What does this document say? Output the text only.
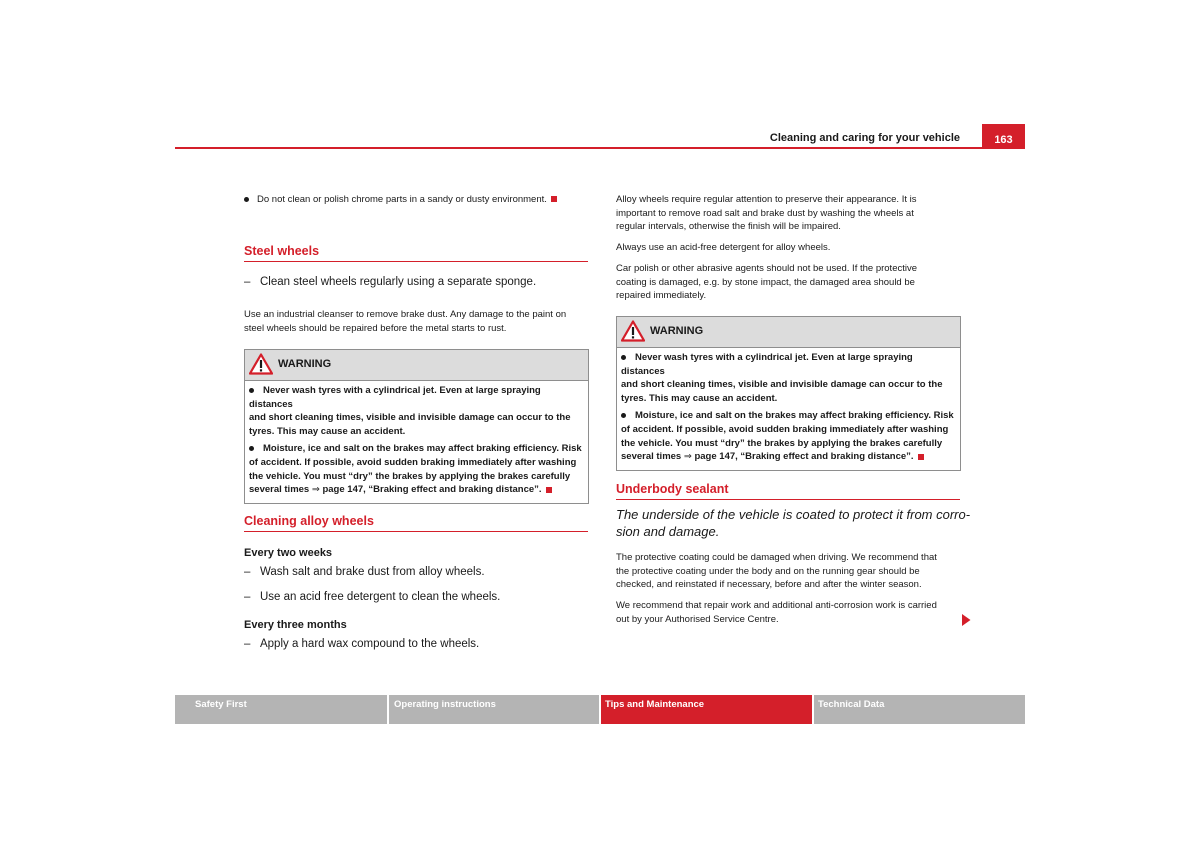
Cleaning and caring for your vehicle	163
Do not clean or polish chrome parts in a sandy or dusty environment.
Steel wheels
–   Clean steel wheels regularly using a separate sponge.
Use an industrial cleanser to remove brake dust. Any damage to the paint on
steel wheels should be repaired before the metal starts to rust.
WARNING

Never wash tyres with a cylindrical jet. Even at large spraying distances
and short cleaning times, visible and invisible damage can occur to the
tyres. This may cause an accident.

Moisture, ice and salt on the brakes may affect braking efficiency. Risk
of accident. If possible, avoid sudden braking immediately after washing
the vehicle. You must “dry” the brakes by applying the brakes carefully
several times ⇒ page 147, “Braking effect and braking distance”.

Cleaning alloy wheels
Every two weeks
–   Wash salt and brake dust from alloy wheels.
–   Use an acid free detergent to clean the wheels.
Every three months
–   Apply a hard wax compound to the wheels.
Alloy wheels require regular attention to preserve their appearance. It is
important to remove road salt and brake dust by washing the wheels at
regular intervals, otherwise the finish will be impaired.
Always use an acid-free detergent for alloy wheels.
Car polish or other abrasive agents should not be used. If the protective
coating is damaged, e.g. by stone impact, the damaged area should be
repaired immediately.
WARNING

Never wash tyres with a cylindrical jet. Even at large spraying distances
and short cleaning times, visible and invisible damage can occur to the
tyres. This may cause an accident.

Moisture, ice and salt on the brakes may affect braking efficiency. Risk
of accident. If possible, avoid sudden braking immediately after washing
the vehicle. You must “dry” the brakes by applying the brakes carefully
several times ⇒ page 147, “Braking effect and braking distance”.

Underbody sealant
The underside of the vehicle is coated to protect it from corro-
sion and damage.
The protective coating could be damaged when driving. We recommend that
the protective coating under the body and on the running gear should be
checked, and reinstated if necessary, before and after the winter season.
We recommend that repair work and additional anti-corrosion work is carried
out by your Authorised Service Centre.
Safety First	Operating instructions	Tips and Maintenance	Technical Data
